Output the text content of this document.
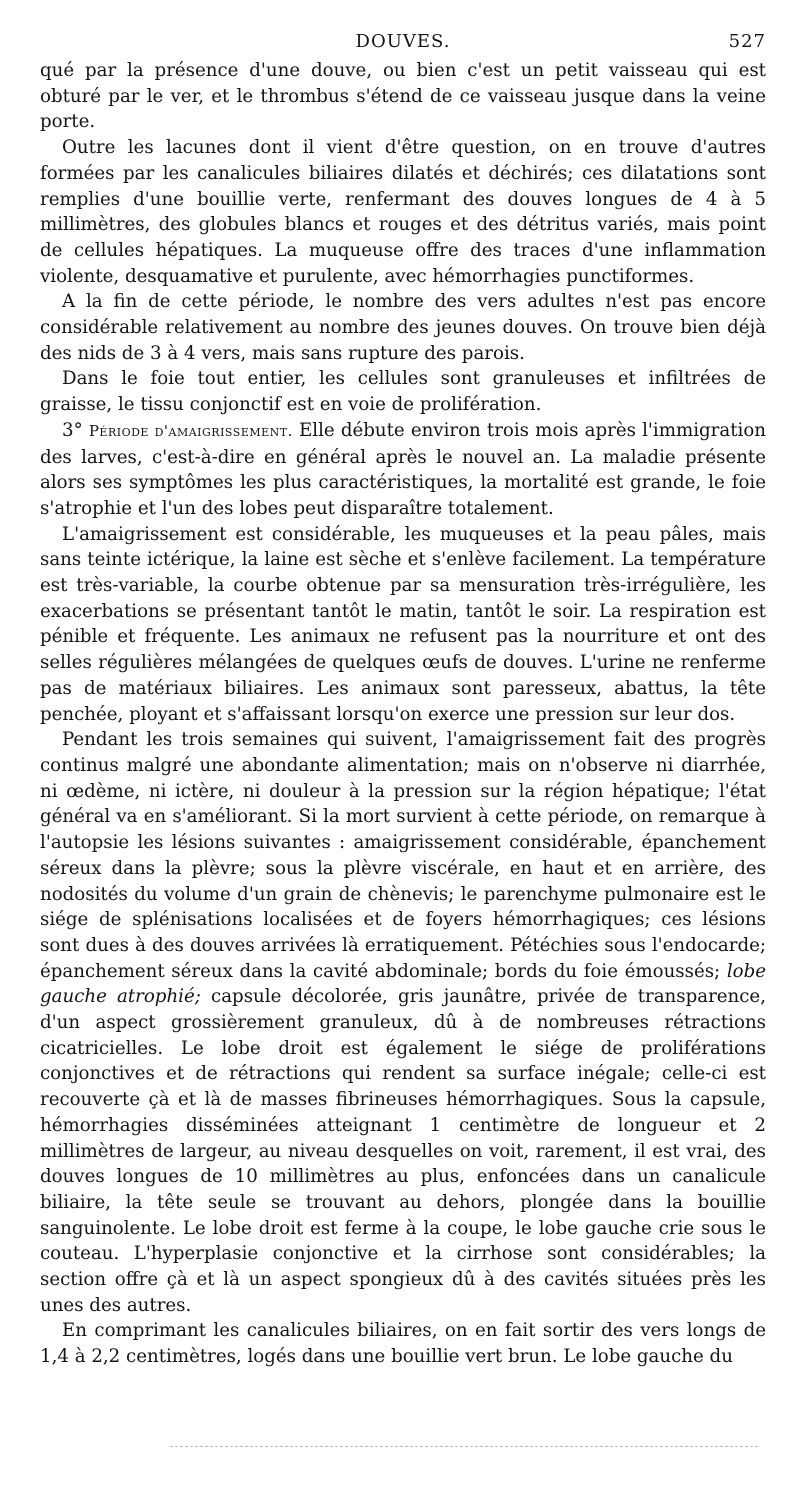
DOUVES.	527

qué par la présence d'une douve, ou bien c'est un petit vaisseau qui est obturé par le ver, et le thrombus s'étend de ce vaisseau jusque dans la veine porte.

Outre les lacunes dont il vient d'être question, on en trouve d'autres formées par les canalicules biliaires dilatés et déchirés; ces dilatations sont remplies d'une bouillie verte, renfermant des douves longues de 4 à 5 millimètres, des globules blancs et rouges et des détritus variés, mais point de cellules hépatiques. La muqueuse offre des traces d'une inflammation violente, desquamative et purulente, avec hémorrhagies punctiformes.

A la fin de cette période, le nombre des vers adultes n'est pas encore considérable relativement au nombre des jeunes douves. On trouve bien déjà des nids de 3 à 4 vers, mais sans rupture des parois.

Dans le foie tout entier, les cellules sont granuleuses et infiltrées de graisse, le tissu conjonctif est en voie de prolifération.

3° Période d'amaigrissement. Elle débute environ trois mois après l'immigration des larves, c'est-à-dire en général après le nouvel an. La maladie présente alors ses symptômes les plus caractéristiques, la mortalité est grande, le foie s'atrophie et l'un des lobes peut disparaître totalement.

L'amaigrissement est considérable, les muqueuses et la peau pâles, mais sans teinte ictérique, la laine est sèche et s'enlève facilement. La température est très-variable, la courbe obtenue par sa mensuration très-irrégulière, les exacerbations se présentant tantôt le matin, tantôt le soir. La respiration est pénible et fréquente. Les animaux ne refusent pas la nourriture et ont des selles régulières mélangées de quelques œufs de douves. L'urine ne renferme pas de matériaux biliaires. Les animaux sont paresseux, abattus, la tête penchée, ployant et s'affaissant lorsqu'on exerce une pression sur leur dos.

Pendant les trois semaines qui suivent, l'amaigrissement fait des progrès continus malgré une abondante alimentation; mais on n'observe ni diarrhée, ni œdème, ni ictère, ni douleur à la pression sur la région hépatique; l'état général va en s'améliorant. Si la mort survient à cette période, on remarque à l'autopsie les lésions suivantes : amaigrissement considérable, épanchement séreux dans la plèvre; sous la plèvre viscérale, en haut et en arrière, des nodosités du volume d'un grain de chènevis; le parenchyme pulmonaire est le siége de splénisations localisées et de foyers hémorrhagiques; ces lésions sont dues à des douves arrivées là erratiquement. Pétéchies sous l'endocarde; épanchement séreux dans la cavité abdominale; bords du foie émoussés; lobe gauche atrophié; capsule décolorée, gris jaunâtre, privée de transparence, d'un aspect grossièrement granuleux, dû à de nombreuses rétractions cicatricielles. Le lobe droit est également le siége de proliférations conjonctives et de rétractions qui rendent sa surface inégale; celle-ci est recouverte çà et là de masses fibrineuses hémorrhagiques. Sous la capsule, hémorrhagies disséminées atteignant 1 centimètre de longueur et 2 millimètres de largeur, au niveau desquelles on voit, rarement, il est vrai, des douves longues de 10 millimètres au plus, enfoncées dans un canalicule biliaire, la tête seule se trouvant au dehors, plongée dans la bouillie sanguinolente. Le lobe droit est ferme à la coupe, le lobe gauche crie sous le couteau. L'hyperplasie conjonctive et la cirrhose sont considérables; la section offre çà et là un aspect spongieux dû à des cavités situées près les unes des autres.

En comprimant les canalicules biliaires, on en fait sortir des vers longs de 1,4 à 2,2 centimètres, logés dans une bouillie vert brun. Le lobe gauche du
